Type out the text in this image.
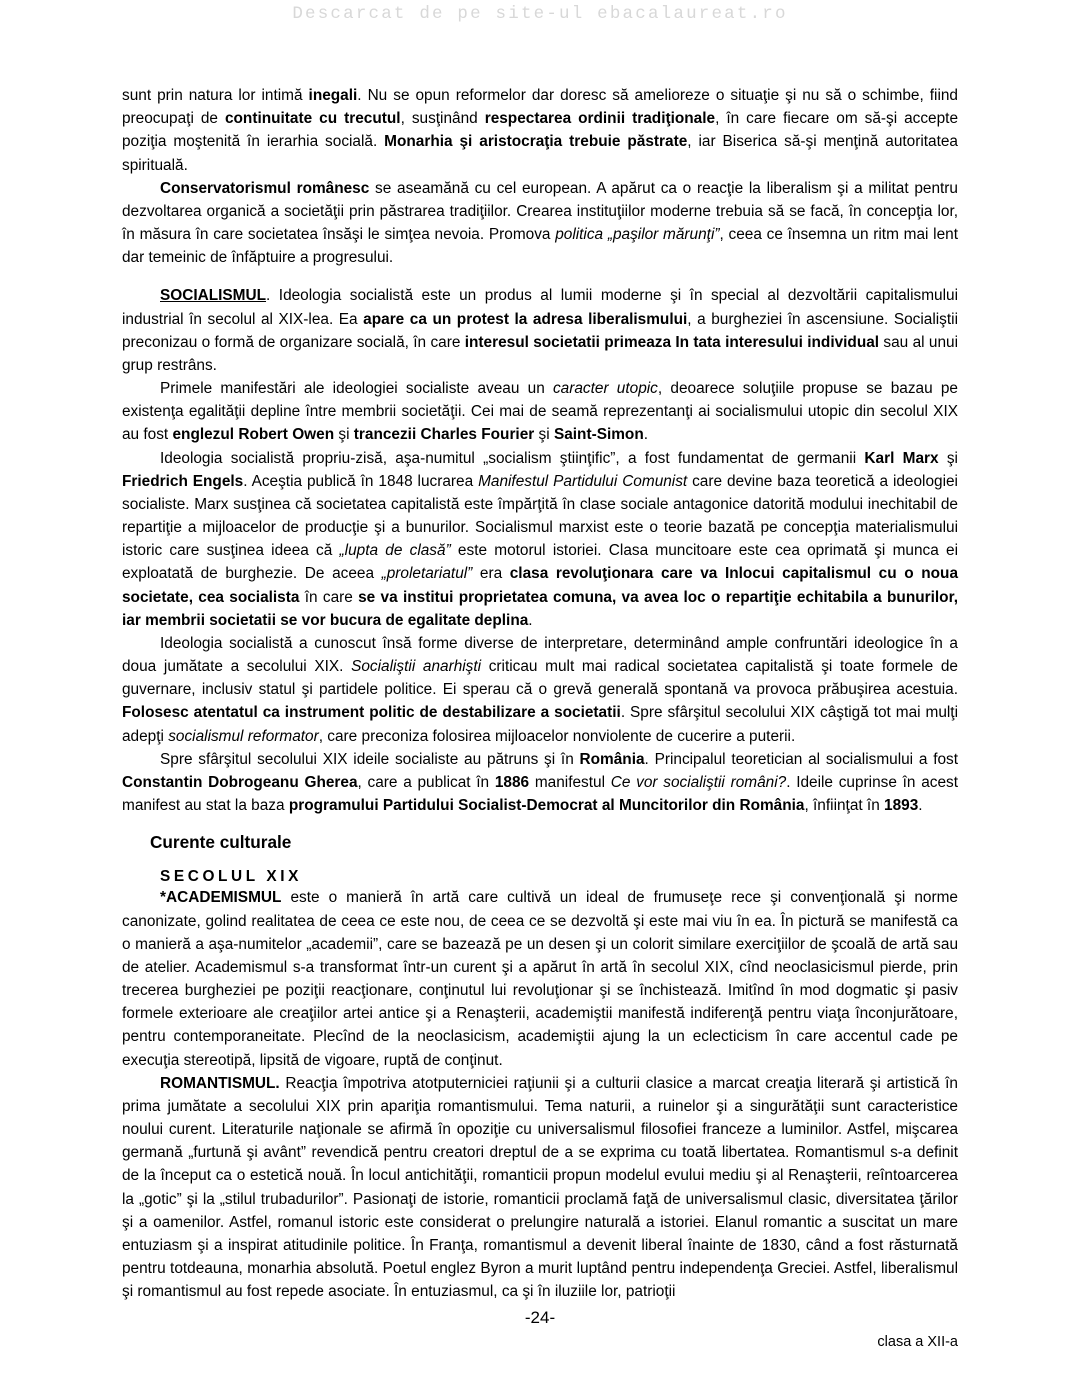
Descarcat de pe site-ul ebacalaureat.ro

sunt prin natura lor intimă inegali. Nu se opun reformelor dar doresc să amelioreze o situaţie şi nu să o schimbe, fiind preocupaţi de continuitate cu trecutul, susţinând respectarea ordinii tradiţionale, în care fiecare om să-şi accepte poziţia moştenită în ierarhia socială. Monarhia şi aristocraţia trebuie păstrate, iar Biserica să-şi menţină autoritatea spirituală.

Conservatorismul românesc se aseamănă cu cel european. A apărut ca o reacţie la liberalism şi a militat pentru dezvoltarea organică a societăţii prin păstrarea tradiţiilor. Crearea instituţiilor moderne trebuia să se facă, în concepţia lor, în măsura în care societatea însăşi le simţea nevoia. Promova politica „paşilor mărunţi”, ceea ce însemna un ritm mai lent dar temeinic de înfăptuire a progresului.

SOCIALISMUL. Ideologia socialistă este un produs al lumii moderne şi în special al dezvoltării capitalismului industrial în secolul al XIX-lea. Ea apare ca un protest la adresa liberalismului, a burgheziei în ascensiune. Socialiştii preconizau o formă de organizare socială, în care interesul societatii primeaza In tata interesului individual sau al unui grup restrâns.

Primele manifestări ale ideologiei socialiste aveau un caracter utopic, deoarece soluţiile propuse se bazau pe existenţa egalităţii depline între membrii societăţii. Cei mai de seamă reprezentanţi ai socialismului utopic din secolul XIX au fost englezul Robert Owen şi trancezii Charles Fourier şi Saint-Simon.

Ideologia socialistă propriu-zisă, aşa-numitul „socialism ştiinţific”, a fost fundamentat de germanii Karl Marx şi Friedrich Engels. Aceştia publică în 1848 lucrarea Manifestul Partidului Comunist care devine baza teoretică a ideologiei socialiste. Marx susţinea că societatea capitalistă este împărţită în clase sociale antagonice datorită modului inechitabil de repartiţie a mijloacelor de producţie şi a bunurilor. Socialismul marxist este o teorie bazată pe concepţia materialismului istoric care susţinea ideea că „lupta de clasă” este motorul istoriei. Clasa muncitoare este cea oprimată şi munca ei exploatată de burghezie. De aceea „proletariatul” era clasa revoluţionara care va Inlocui capitalismul cu o noua societate, cea socialista în care se va institui proprietatea comuna, va avea loc o repartiţie echitabila a bunurilor, iar membrii societatii se vor bucura de egalitate deplina.

Ideologia socialistă a cunoscut însă forme diverse de interpretare, determinând ample confruntări ideologice în a doua jumătate a secolului XIX. Socialiştii anarhişti criticau mult mai radical societatea capitalistă şi toate formele de guvernare, inclusiv statul şi partidele politice. Ei sperau că o grevă generală spontană va provoca prăbuşirea acestuia. Folosesc atentatul ca instrument politic de destabilizare a societatii. Spre sfârşitul secolului XIX câştigă tot mai mulţi adepţi socialismul reformator, care preconiza folosirea mijloacelor nonviolente de cucerire a puterii.

Spre sfârşitul secolului XIX ideile socialiste au pătruns şi în România. Principalul teoretician al socialismului a fost Constantin Dobrogeanu Gherea, care a publicat în 1886 manifestul Ce vor socialiştii români?. Ideile cuprinse în acest manifest au stat la baza programului Partidului Socialist-Democrat al Muncitorilor din România, înfiinţat în 1893.

Curente culturale
SECOLUL XIX

*ACADEMISMUL este o manieră în artă care cultivă un ideal de frumuseţe rece şi convenţională şi norme canonizate, golind realitatea de ceea ce este nou, de ceea ce se dezvoltă şi este mai viu în ea. În pictură se manifestă ca o manieră a aşa-numitelor „academii”, care se bazează pe un desen şi un colorit similare exerciţiilor de şcoală de artă sau de atelier. Academismul s-a transformat într-un curent şi a apărut în artă în secolul XIX, cînd neoclasicismul pierde, prin trecerea burgheziei pe poziţii reacţionare, conţinutul lui revoluţionar şi se închistează. Imitînd în mod dogmatic şi pasiv formele exterioare ale creaţiilor artei antice şi a Renaşterii, academiştii manifestă indiferenţă pentru viaţa înconjurătoare, pentru contemporaneitate. Plecînd de la neoclasicism, academiştii ajung la un eclecticism în care accentul cade pe execuţia stereotipă, lipsită de vigoare, ruptă de conţinut.

ROMANTISMUL. Reacţia împotriva atotputerniciei raţiunii şi a culturii clasice a marcat creaţia literară şi artistică în prima jumătate a secolului XIX prin apariţia romantismului. Tema naturii, a ruinelor şi a singurătăţii sunt caracteristice noului curent. Literaturile naţionale se afirmă în opoziţie cu universalismul filosofiei franceze a luminilor. Astfel, mişcarea germană „furtună şi avânt” revendică pentru creatori dreptul de a se exprima cu toată libertatea. Romantismul s-a definit de la început ca o estetică nouă. În locul antichităţii, romanticii propun modelul evului mediu şi al Renaşterii, reîntoarcerea la „gotic” şi la „stilul trubadurilor”. Pasionaţi de istorie, romanticii proclamă faţă de universalismul clasic, diversitatea ţărilor şi a oamenilor. Astfel, romanul istoric este considerat o prelungire naturală a istoriei. Elanul romantic a suscitat un mare entuziasm şi a inspirat atitudinile politice. În Franţa, romantismul a devenit liberal înainte de 1830, când a fost răsturnată pentru totdeauna, monarhia absolută. Poetul englez Byron a murit luptând pentru independenţa Greciei. Astfel, liberalismul şi romantismul au fost repede asociate. În entuziasmul, ca şi în iluziile lor, patrioţii

-24-
clasa a XII-a
